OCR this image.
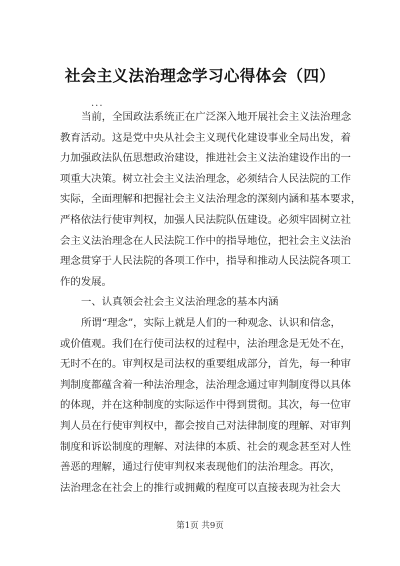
社会主义法治理念学习心得体会（四）
...
当前，全国政法系统正在广泛深入地开展社会主义法治理念
教育活动。这是党中央从社会主义现代化建设事业全局出发，着
力加强政法队伍思想政治建设，推进社会主义法治建设作出的一
项重大决策。树立社会主义法治理念，必须结合人民法院的工作
实际，全面理解和把握社会主义法治理念的深刻内涵和基本要求，
严格依法行使审判权，加强人民法院队伍建设。必须牢固树立社
会主义法治理念在人民法院工作中的指导地位，把社会主义法治
理念贯穿于人民法院的各项工作中，指导和推动人民法院各项工
作的发展。
一、认真领会社会主义法治理念的基本内涵
所谓“理念”，实际上就是人们的一种观念、认识和信念，
或价值观。我们在行使司法权的过程中，法治理念是无处不在，
无时不在的。审判权是司法权的重要组成部分，首先，每一种审
判制度都蕴含着一种法治理念，法治理念通过审判制度得以具体
的体现，并在这种制度的实际运作中得到贯彻。其次，每一位审
判人员在行使审判权中，都会按自己对法律制度的理解、对审判
制度和诉讼制度的理解、对法律的本质、社会的观念甚至对人性
善恶的理解，通过行使审判权来表现他们的法治理念。再次，
法治理念在社会上的推行或拥戴的程度可以直接表现为社会大
第1页 共9页
